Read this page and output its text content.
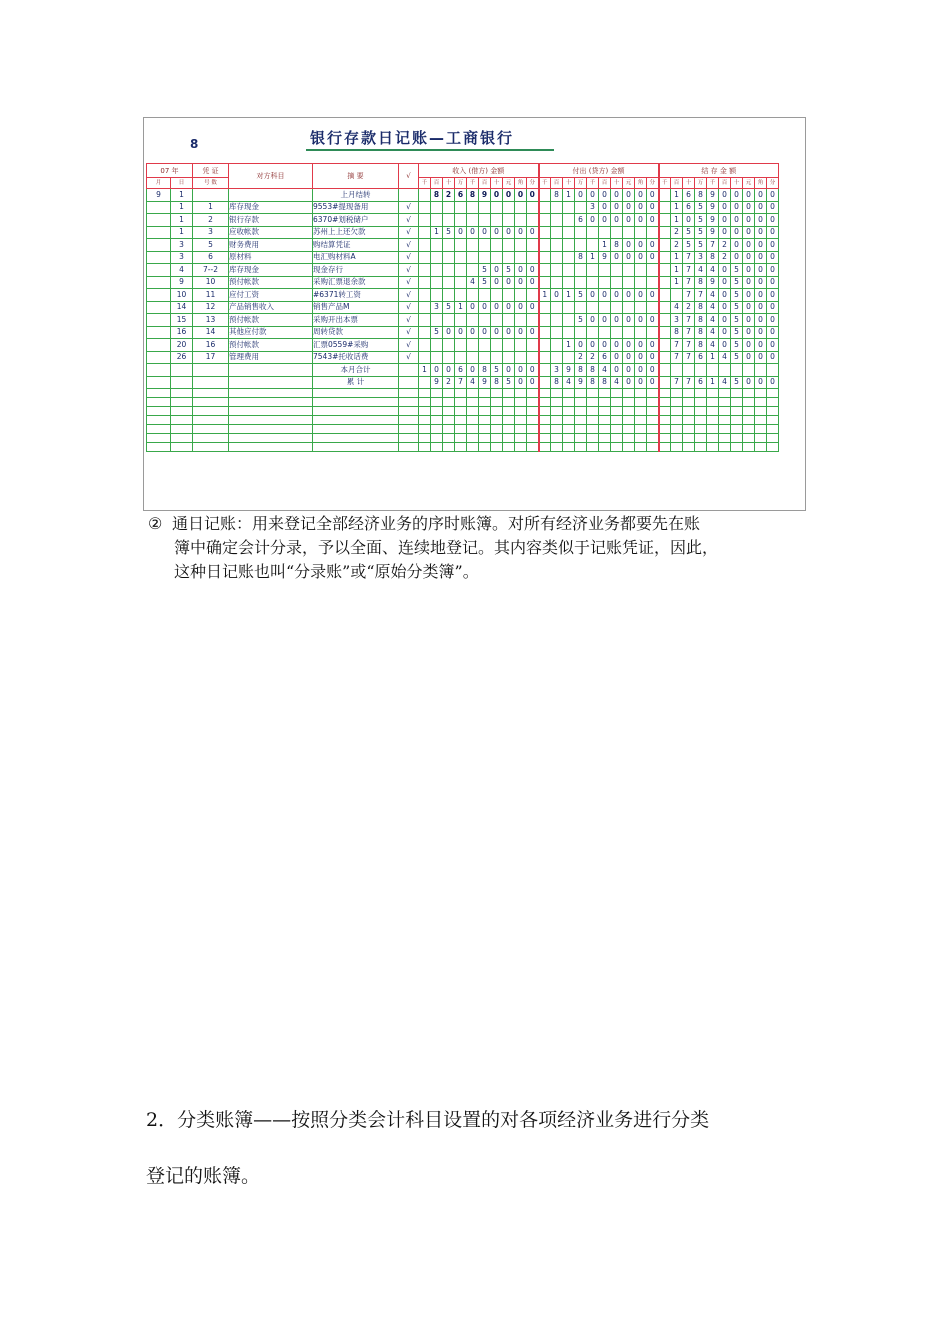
8	银行存款日记账—工商银行
07 年		凭 证	对方科目	摘 要	√	收入 (借方) 金额										付出 (贷方) 金额										结 存 金 额									
月	日	号 数				千	百	十	万	千	百	十	元	角	分	千	百	十	万	千	百	十	元	角	分	千	百	十	万	千	百	十	元	角	分
9	1			上月结转			8	2	6	8	9	0	0	0	0		8	1	0	0	0	0	0	0	0		1	6	8	9	0	0	0	0	0
	1	1	库存现金	9553#提现备用	√															3	0	0	0	0	0		1	6	5	9	0	0	0	0	0
	1	2	银行存款	6370#划税储户	√														6	0	0	0	0	0	0		1	0	5	9	0	0	0	0	0
	1	3	应收帐款	苏州上上还欠款	√		1	5	0	0	0	0	0	0	0												2	5	5	9	0	0	0	0	0
	3	5	财务费用	购结算凭证	√																1	8	0	0	0		2	5	5	7	2	0	0	0	0
	3	6	原材料	电汇购材料A	√														8	1	9	0	0	0	0		1	7	3	8	2	0	0	0	0
	4	7--2	库存现金	现金存行	√						5	0	5	0	0												1	7	4	4	0	5	0	0	0
	9	10	预付帐款	采购汇票退余款	√					4	5	0	0	0	0												1	7	8	9	0	5	0	0	0
	10	11	应付工资	#6371转工资	√											1	0	1	5	0	0	0	0	0	0			7	7	4	0	5	0	0	0
	14	12	产品销售收入	销售产品M	√		3	5	1	0	0	0	0	0	0												4	2	8	4	0	5	0	0	0
	15	13	预付帐款	采购开出本票	√														5	0	0	0	0	0	0		3	7	8	4	0	5	0	0	0
	16	14	其他应付款	周转贷款	√		5	0	0	0	0	0	0	0	0												8	7	8	4	0	5	0	0	0
	20	16	预付帐款	汇票0559#采购	√													1	0	0	0	0	0	0	0		7	7	8	4	0	5	0	0	0
	26	17	管理费用	7543#托收话费	√														2	2	6	0	0	0	0		7	7	6	1	4	5	0	0	0
				本月合计		1	0	0	6	0	8	5	0	0	0		3	9	8	8	4	0	0	0	0										
				累 计			9	2	7	4	9	8	5	0	0		8	4	9	8	8	4	0	0	0		7	7	6	1	4	5	0	0	0

② 通日记账：用来登记全部经济业务的序时账簿。对所有经济业务都要先在账
簿中确定会计分录，予以全面、连续地登记。其内容类似于记账凭证，因此，
这种日记账也叫“分录账”或“原始分类簿”。
2．分类账簿——按照分类会计科目设置的对各项经济业务进行分类
登记的账簿。
